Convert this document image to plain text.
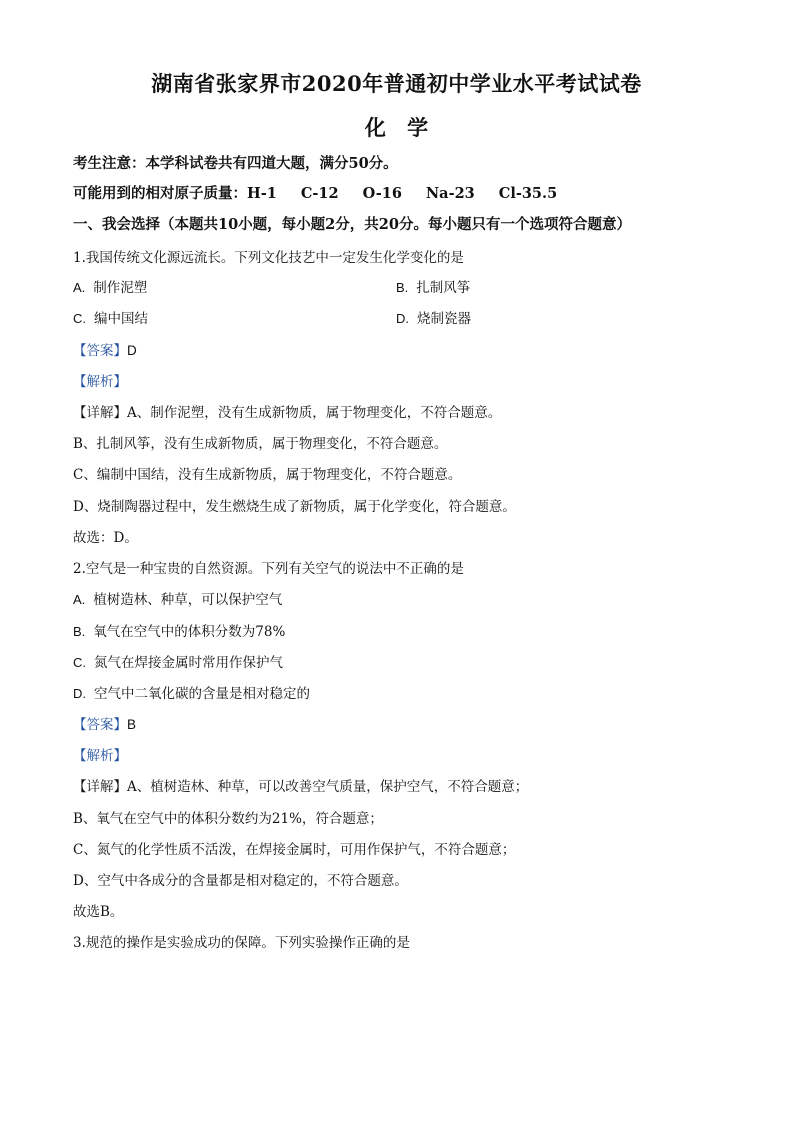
湖南省张家界市2020年普通初中学业水平考试试卷
化 学
考生注意：本学科试卷共有四道大题，满分50分。
可能用到的相对原子质量：H-1 C-12 O-16 Na-23 Cl-35.5
一、我会选择（本题共10小题，每小题2分，共20分。每小题只有一个选项符合题意）
1.我国传统文化源远流长。下列文化技艺中一定发生化学变化的是
A. 制作泥塑	B. 扎制风筝
C. 编中国结	D. 烧制瓷器
【答案】D
【解析】
【详解】A、制作泥塑，没有生成新物质，属于物理变化，不符合题意。
B、扎制风筝，没有生成新物质，属于物理变化，不符合题意。
C、编制中国结，没有生成新物质，属于物理变化，不符合题意。
D、烧制陶器过程中，发生燃烧生成了新物质，属于化学变化，符合题意。
故选：D。
2.空气是一种宝贵的自然资源。下列有关空气的说法中不正确的是
A. 植树造林、种草，可以保护空气
B. 氧气在空气中的体积分数为78%
C. 氮气在焊接金属时常用作保护气
D. 空气中二氧化碳的含量是相对稳定的
【答案】B
【解析】
【详解】A、植树造林、种草，可以改善空气质量，保护空气，不符合题意；
B、氧气在空气中的体积分数约为21%，符合题意；
C、氮气的化学性质不活泼，在焊接金属时，可用作保护气，不符合题意；
D、空气中各成分的含量都是相对稳定的，不符合题意。
故选B。
3.规范的操作是实验成功的保障。下列实验操作正确的是
